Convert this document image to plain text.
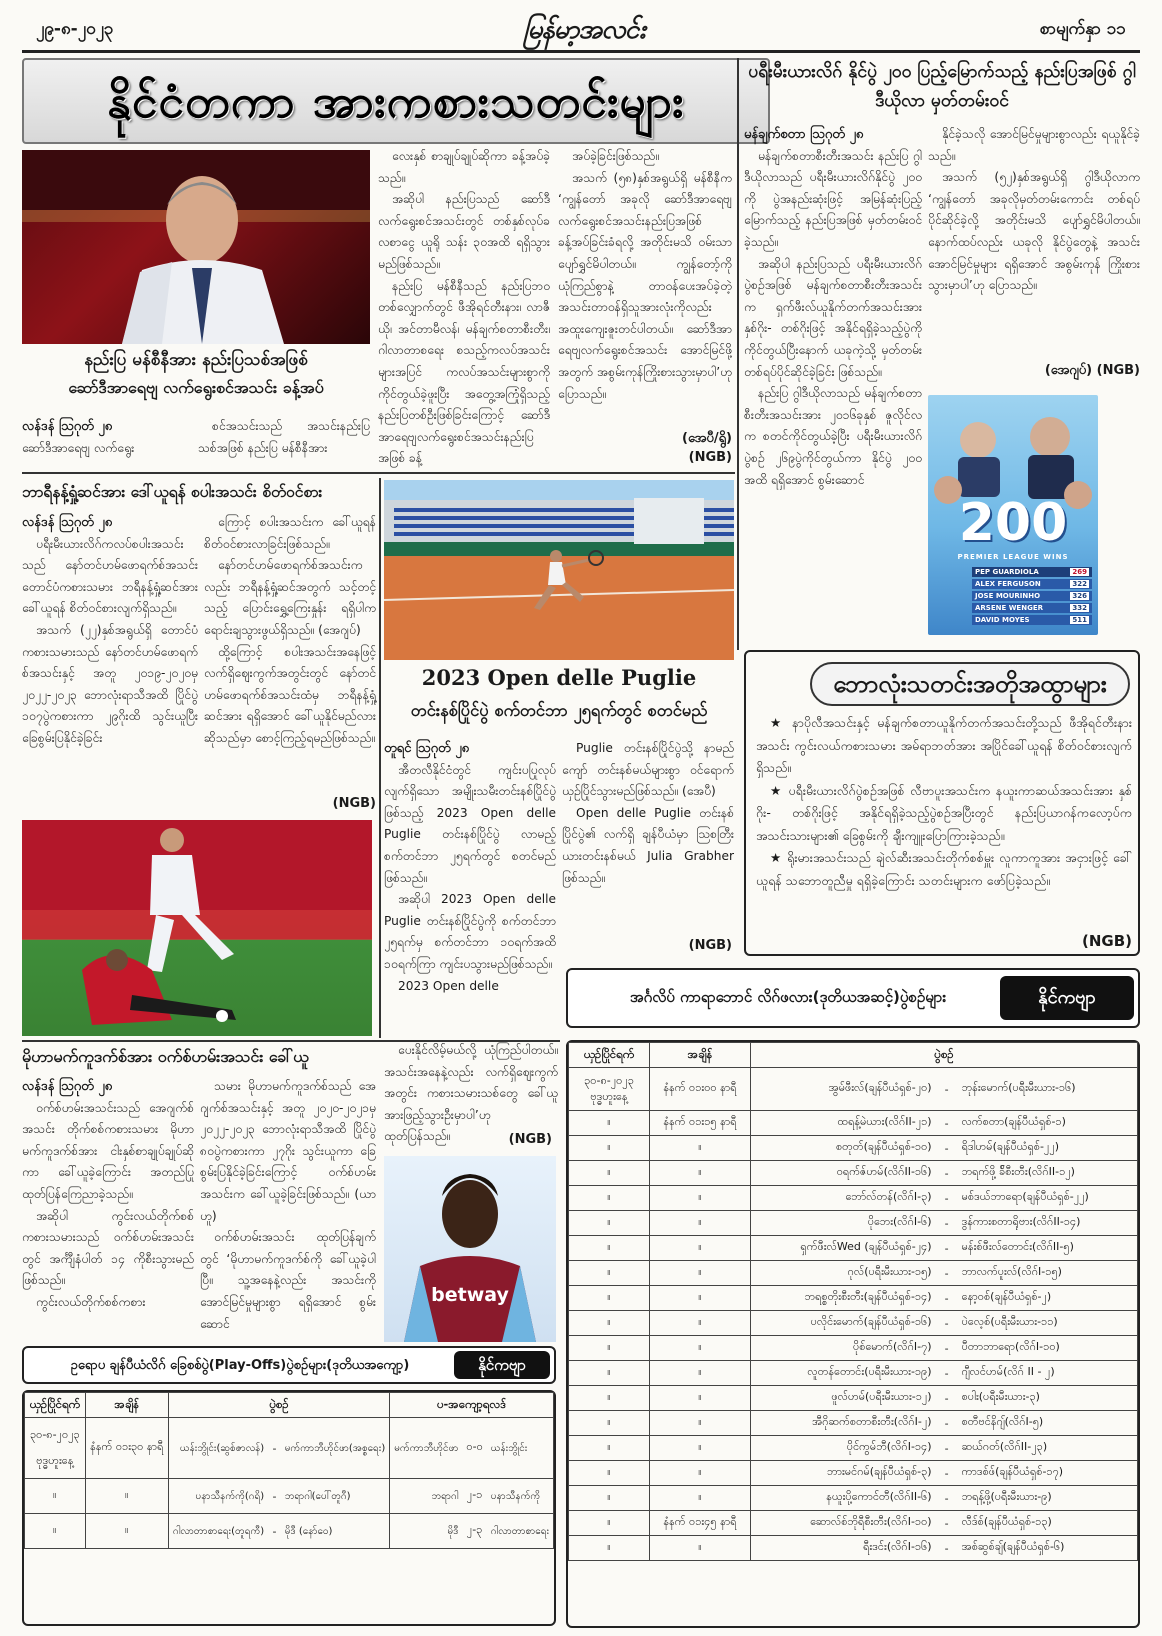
၂၉-၈-၂၀၂၃	မြန်မာ့အလင်း	စာမျက်နှာ ၁၁
နိုင်ငံတကာ အားကစားသတင်းများ
နည်းပြ မန်စီနီအား နည်းပြသစ်အဖြစ်
ဆော်ဒီအာရေဗျ လက်ရွေးစင်အသင်း ခန့်အပ်
လန်ဒန် ဩဂုတ် ၂၈
ဆော်ဒီအာရေဗျ လက်ရွေး

စင်အသင်းသည် အသင်းနည်းပြ သစ်အဖြစ် နည်းပြ မန်စီနီအား

လေးနှစ် စာချုပ်ချုပ်ဆိုကာ ခန့်အပ်ခဲ့သည်။

အဆိုပါ နည်းပြသည် ဆော်ဒီလက်ရွေးစင်အသင်းတွင် တစ်နှစ်လုပ်ခလစာငွေ ယူရို သန်း ၃၀အထိ ရရှိသွားမည်ဖြစ်သည်။

နည်းပြ မန်စီနီသည် နည်းပြဘဝတစ်လျှောက်တွင် ဖီအိုရင်တီးနား၊ လာဇီယို၊ အင်တာမီလန်၊ မန်ချက်စတာစီးတီး၊ ဂါလာတာစရေး စသည့်ကလပ်အသင်းများအပြင် ကလပ်အသင်းများစွာကို ကိုင်တွယ်ခဲ့ဖူးပြီး အတွေ့အကြုံရှိသည့် နည်းပြတစ်ဦးဖြစ်ခြင်းကြောင့် ဆော်ဒီအာရေဗျလက်ရွေးစင်အသင်းနည်းပြအဖြစ် ခန့်

အပ်ခဲ့ခြင်းဖြစ်သည်။

အသက် (၅၈)နှစ်အရွယ်ရှိ မန်စီနီက ‘ကျွန်တော် အခုလို ဆော်ဒီအာရေဗျ လက်ရွေးစင်အသင်းနည်းပြအဖြစ် ခန့်အပ်ခြင်းခံရလို့ အတိုင်းမသိ ဝမ်းသာပျော်ရွှင်မိပါတယ်။ ကျွန်တော့်ကို ယုံကြည်စွာနဲ့ တာဝန်ပေးအပ်ခဲ့တဲ့အသင်းတာဝန်ရှိသူအားလုံးကိုလည်း အထူးကျေးဇူးတင်ပါတယ်။ ဆော်ဒီအာရေဗျလက်ရွေးစင်အသင်း အောင်မြင်ဖို့အတွက် အစွမ်းကုန်ကြိုးစားသွားမှာပါ’ဟု ပြောသည်။

(အေပီ/ရွိ)
(NGB)
ပရီးမီးယားလိဂ် နိုင်ပွဲ ၂၀၀ ပြည့်မြောက်သည့် နည်းပြအဖြစ် ဂွါဒီယိုလာ မှတ်တမ်းဝင်
မန်ချက်စတာ ဩဂုတ် ၂၈

မန်ချက်စတာစီးတီးအသင်း နည်းပြ ဂွါဒီယိုလာသည် ပရီးမီးယားလိဂ်နိုင်ပွဲ ၂၀၀ ကို ပွဲအနည်းဆုံးဖြင့် အမြန်ဆုံးပြည့်မြောက်သည့် နည်းပြအဖြစ် မှတ်တမ်းဝင်ခဲ့သည်။

အဆိုပါ နည်းပြသည် ပရီးမီးယားလိဂ်ပွဲစဉ်အဖြစ် မန်ချက်စတာစီးတီးအသင်းက ရှက်ဖီးလ်ယူနိုက်တက်အသင်းအား နှစ်ဂိုး- တစ်ဂိုးဖြင့် အနိုင်ရရှိခဲ့သည့်ပွဲကို ကိုင်တွယ်ပြီးနောက် ယခုကဲ့သို့ မှတ်တမ်းတစ်ရပ်ပိုင်ဆိုင်ခဲ့ခြင်း ဖြစ်သည်။

နည်းပြ ဂွါဒီယိုလာသည် မန်ချက်စတာစီးတီးအသင်းအား ၂၀၁၆ခုနှစ် ဇူလိုင်လက စတင်ကိုင်တွယ်ခဲ့ပြီး ပရီးမီးယားလိဂ်ပွဲစဉ် ၂၆၉ပွဲကိုင်တွယ်ကာ နိုင်ပွဲ ၂၀၀ အထိ ရရှိအောင် စွမ်းဆောင်

နိုင်ခဲ့သလို အောင်မြင်မှုများစွာလည်း ရယူနိုင်ခဲ့သည်။

အသက် (၅၂)နှစ်အရွယ်ရှိ ဂွါဒီယိုလာက ‘ကျွန်တော် အခုလိုမှတ်တမ်းကောင်း တစ်ရပ်ပိုင်ဆိုင်ခဲ့လို့ အတိုင်းမသိ ပျော်ရွှင်မိပါတယ်။ နောက်ထပ်လည်း ယခုလို နိုင်ပွဲတွေနဲ့ အသင်းအောင်မြင်မှုများ ရရှိအောင် အစွမ်းကုန် ကြိုးစားသွားမှာပါ’ဟု ပြောသည်။

(အေဂျပ်) (NGB)
200
PREMIER LEAGUE WINS
PEP GUARDIOLA	269
ALEX FERGUSON	322
JOSE MOURINHO	326
ARSENE WENGER	332
DAVID MOYES	511
ဘာရီနန့်ရှုံ့ဆင်အား ဒေါ်ယူရန် စပါးအသင်း စိတ်ဝင်စား
လန်ဒန် ဩဂုတ် ၂၈

ပရီးမီးယားလိဂ်ကလပ်စပါးအသင်းသည် နော်တင်ဟမ်ဖောရက်စ်အသင်း တောင်ပံကစားသမား ဘရီနန့်ရှုံ့ဆင်အား ခေါ်ယူရန် စိတ်ဝင်စားလျက်ရှိသည်။

အသက် (၂၂)နှစ်အရွယ်ရှိ တောင်ပံကစားသမားသည် နော်တင်ဟမ်ဖောရက်စ်အသင်းနှင့် အတူ ၂၀၁၉-၂၀၂၀မှ ၂၀၂၂-၂၀၂၃ ဘောလုံးရာသီအထိ ပြိုင်ပွဲ ၁၀၇ပွဲကစားကာ ၂၉ဂိုးထိ သွင်းယူပြီး ခြေစွမ်းပြနိုင်ခဲ့ခြင်း

ကြောင့် စပါးအသင်းက ခေါ်ယူရန်စိတ်ဝင်စားလာခြင်းဖြစ်သည်။

နော်တင်ဟမ်ဖောရက်စ်အသင်းကလည်း ဘရီနန့်ရှုံ့ဆင်အတွက် သင့်တင့်သည့် ပြောင်းရွှေ့ကြေးနှုန်း ရရှိပါက ရောင်းချသွားဖွယ်ရှိသည်။ (အေဂျပ်)

ထို့ကြောင့် စပါးအသင်းအနေဖြင့် လက်ရှိဈေးကွက်အတွင်းတွင် နော်တင်ဟမ်ဖောရက်စ်အသင်းထံမှ ဘရီနန့်ရှုံ့ဆင်အား ရရှိအောင် ခေါ်ယူနိုင်မည်လားဆိုသည်မှာ စောင့်ကြည့်ရမည်ဖြစ်သည်။

(NGB)
2023 Open delle Puglie
တင်းနစ်ပြိုင်ပွဲ စက်တင်ဘာ ၂၅ရက်တွင် စတင်မည်
တူရင် ဩဂုတ် ၂၈

အီတလီနိုင်ငံတွင် ကျင်းပပြုလုပ်လျက်ရှိသော အမျိုးသမီးတင်းနစ်ပြိုင်ပွဲဖြစ်သည့် 2023 Open delle Puglie တင်းနစ်ပြိုင်ပွဲ လာမည့် စက်တင်ဘာ ၂၅ရက်တွင် စတင်မည်ဖြစ်သည်။

အဆိုပါ 2023 Open delle Puglie တင်းနစ်ပြိုင်ပွဲကို စက်တင်ဘာ ၂၅ရက်မှ စက်တင်ဘာ ၁၀ရက်အထိ ၁၀ရက်ကြာ ကျင်းပသွားမည်ဖြစ်သည်။

2023 Open delle

Puglie တင်းနစ်ပြိုင်ပွဲသို့ နာမည်ကျော် တင်းနစ်မယ်များစွာ ဝင်ရောက်ယှဉ်ပြိုင်သွားမည်ဖြစ်သည်။ (အေပီ)

Open delle Puglie တင်းနစ်ပြိုင်ပွဲ၏ လက်ရှိ ချန်ပီယံမှာ ဩစတြီးယားတင်းနစ်မယ် Julia Grabher ဖြစ်သည်။

(NGB)
မိုဟာမက်ကူဒက်စ်အား ဝက်စ်ဟမ်းအသင်း ခေါ်ယူ
လန်ဒန် ဩဂုတ် ၂၈

ဝက်စ်ဟမ်းအသင်းသည် အေဂျက်စ်အသင်း တိုက်စစ်ကစားသမား မိုဟာမက်ကူဒက်စ်အား ငါးနှစ်စာချုပ်ချုပ်ဆိုကာ ခေါ်ယူခဲ့ကြောင်း အတည်ပြု ထုတ်ပြန်ကြေညာခဲ့သည်။

အဆိုပါ ကွင်းလယ်တိုက်စစ်ကစားသမားသည် ဝက်စ်ဟမ်းအသင်းတွင် အင်္ကျီနံပါတ် ၁၄ ကိုစီးသွားမည်ဖြစ်သည်။

ကွင်းလယ်တိုက်စစ်ကစား

သမား မိုဟာမက်ကူဒက်စ်သည် အေဂျက်စ်အသင်းနှင့် အတူ ၂၀၂၀-၂၀၂၁မှ ၂၀၂၂-၂၀၂၃ ဘောလုံးရာသီအထိ ပြိုင်ပွဲ ၈၀ပွဲကစားကာ ၂၇ဂိုး သွင်းယူကာ ခြေစွမ်းပြနိုင်ခဲ့ခြင်းကြောင့် ဝက်စ်ဟမ်းအသင်းက ခေါ်ယူခဲ့ခြင်းဖြစ်သည်။ (ယာဟူ)

ဝက်စ်ဟမ်းအသင်း ထုတ်ပြန်ချက်တွင် ‘မိုဟာမက်ကူဒက်စ်ကို ခေါ်ယူခဲ့ပါပြီ။ သူ့အနေနဲ့လည်း အသင်းကို အောင်မြင်မှုများစွာ ရရှိအောင် စွမ်းဆောင်

ပေးနိုင်လိမ့်မယ်လို့ ယုံကြည်ပါတယ်။ အသင်းအနေနဲ့လည်း လက်ရှိဈေးကွက်အတွင်း ကစားသမားသစ်တွေ ခေါ်ယူအားဖြည့်သွားဦးမှာပါ’ဟု ထုတ်ပြန်သည်။	(NGB)
betway
ဘောလုံးသတင်းအတိုအထွာများ

★ နာပိုလီအသင်းနှင့် မန်ချက်စတာယူနိုက်တက်အသင်းတို့သည် ဖီအိုရင်တီးနားအသင်း ကွင်းလယ်ကစားသမား အမ်ရာဘတ်အား အပြိုင်ခေါ်ယူရန် စိတ်ဝင်စားလျက်ရှိသည်။

★ ပရီးမီးယားလိဂ်ပွဲစဉ်အဖြစ် လီဗာပူးအသင်းက နယူးကာဆယ်အသင်းအား နှစ်ဂိုး- တစ်ဂိုးဖြင့် အနိုင်ရရှိခဲ့သည့်ပွဲစဉ်အပြီးတွင် နည်းပြယာဂန်ကလော့ပ်က အသင်းသားများ၏ ခြေစွမ်းကို ချီးကျူးပြောကြားခဲ့သည်။

★ ရိုးမားအသင်းသည် ချဲလ်ဆီးအသင်းတိုက်စစ်မှူး လူကာကူအား အငှားဖြင့် ခေါ်ယူရန် သဘောတူညီမှု ရရှိခဲ့ကြောင်း သတင်းများက ဖော်ပြခဲ့သည်။

(NGB)
အင်္ဂလိပ် ကာရာဘောင် လိဂ်ဖလား(ဒုတိယအဆင့်)ပွဲစဉ်များ	နိုင်ကဗျာ
ယှဉ်ပြိုင်ရက်	အချိန်	ပွဲစဉ်		
၃၀-၈-၂၀၂၃
ဗုဒ္ဓဟူးနေ့	နံနက် ၀၁း၀၀ နာရီ	အွမ်ဖီးလ်(ချန်ပီယံရှစ်-၂၀)	-	ဘုန်းမောက်(ပရီးမီးယား-၁၆)
။	နံနက် ၀၁း၁၅ နာရီ	ထရန့်မဲယား(လိဂ်II-၂၁)	-	လက်စတာ(ချန်ပီယံရှစ်-၁)
။	။	စတုတ်(ချန်ပီယံရှစ်-၁၀)	-	ရိဒါဟမ်(ချန်ပီယံရှစ်-၂၂)
။	။	ဝရက်ဇ်ဟမ်(လိဂ်II-၁၆)	-	ဘရက်ဖို့ ခ်ိစီးတီး(လိဂ်II-၁၂)
။	။	ဘော်လ်တန်(လိဂ်I-၃)	-	မစ်ဒယ်ဘာရော(ချန်ပီယံရှစ်-၂၂)
။	။	ပိုဘေး(လိဂ်I-၆)	-	ဒွန်ကားစတာရိုဗား(လိဂ်II-၁၄)
။	။	ရှက်ဖီးလ်Wed (ချန်ပီယံရှစ်-၂၄)	-	မန်းစ်ဖီးလ်တောင်း(လိဂ်II-၅)
။	။	ဂုလ်(ပရီးမီးယား-၁၅)	-	ဘာလက်ပူးလ်(လိဂ်I-၁၅)
။	။	ဘရစ္စတိုးစီးတီး(ချန်ပီယံရှစ်-၁၄)	-	နော့ဝစ်(ချန်ပီယံရှစ်-၂)
။	။	ပလိုင်းမောက်(ချန်ပီယံရှစ်-၁၆)	-	ပဲလေ့စ်(ပရီးမီးယား-၁၁)
။	။	ပိုစ်မောက်(လိဂ်I-၇)	-	ပီတာဘာရော(လိဂ်I-၁၀)
။	။	လူတန်တောင်း(ပရီးမီးယား-၁၉)	-	ဂျီလင်ဟမ်(လိဂ် II - ၂)
။	။	ဖူလ်ဟမ်(ပရီးမီးယား-၁၂)	-	စပါး(ပရီးမီးယား-၃)
။	။	အီဂိုဆက်စတာစီးတီး(လိဂ်I-၂)	-	စတီဗင်နိဂျ်(လိဂ်I-၅)
။	။	ပိုင်ကွမ်ဘီ(လိဂ်I-၁၄)	-	ဆယ်ဂတ်(လိဂ်II-၂၃)
။	။	ဘားမင်ဂမ်(ချန်ပီယံရှစ်-၃)	-	ကာဒစ်ဖ်(ချန်ပီယံရှစ်-၁၇)
။	။	နယူးပို့ကောင်တီ(လိဂ်II-၆)	-	ဘရန့်ဖို့(ပရီးမီးယား-၉)
။	နံနက် ၀၁း၄၅ နာရီ	ဆောလ်စ်ဘိုရီစီးတီး(လိဂ်I-၁၀)	-	လီဒ်စ်(ချန်ပီယံရှစ်-၁၃)
။	။	ရီးဒင်း(လိဂ်I-၁၆)	-	အစ်ဆွစ်ချ်(ချန်ပီယံရှစ်-၆)
ဥရောပ ချန်ပီယံလိဂ် ခြေစစ်ပွဲ(Play-Offs)ပွဲစဉ်များ(ဒုတိယအကျော့)	နိုင်ကဗျာ
ယှဉ်ပြိုင်ရက်	အချိန်	ပွဲစဉ်			ပ-အကျော့ရလဒ်		
၃၀-၈-၂၀၂၃
ဗုဒ္ဓဟူးနေ့	နံနက် ၀၁း၃၀ နာရီ	ယန်းဘွိုင်း(ဆွစ်ဇာလန်)	-	မက်ကာဘီဟိုင်ဖာ(အစ္စရေး)	မက်ကာဘီဟိုင်ဖာ	၀-၀	ယန်းဘွိုင်း
။	။	ပနာသီနက်ကို(ဂရိ)	-	ဘရာဂါ(ပေါ်တူဂီ)	ဘရာဂါ	၂-၁	ပနာသီနက်ကို
။	။	ဂါလာတာစာရေး(တူရကီ)	-	မိုဒီ (နော်ဝေ)	မိုဒီ	၂-၃	ဂါလာတာစာရေး
